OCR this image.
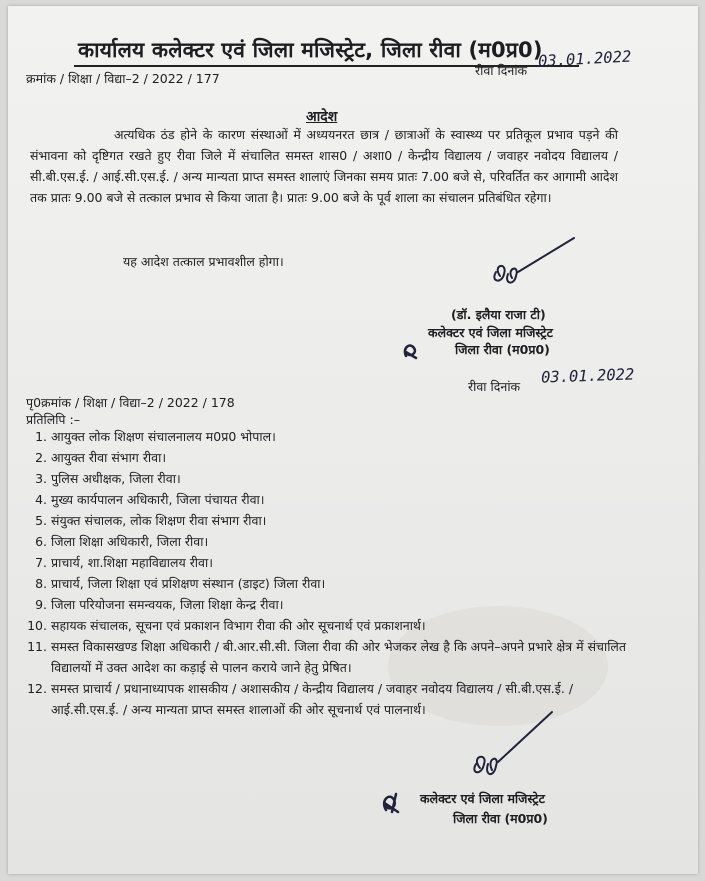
कार्यालय कलेक्टर एवं जिला मजिस्ट्रेट, जिला रीवा (म0प्र0)
क्रमांक / शिक्षा / विद्या–2 / 2022 / 177
रीवा दिनांक
03.01.2022
आदेश
अत्यधिक ठंड होने के कारण संस्थाओं में अध्ययनरत छात्र / छात्राओं के स्वास्थ्य पर प्रतिकूल प्रभाव पड़ने की संभावना को दृष्टिगत रखते हुए रीवा जिले में संचालित समस्त शास0 / अशा0 / केन्द्रीय विद्यालय / जवाहर नवोदय विद्यालय / सी.बी.एस.ई. / आई.सी.एस.ई. / अन्य मान्यता प्राप्त समस्त शालाएं जिनका समय प्रातः 7.00 बजे से, परिवर्तित कर आगामी आदेश तक प्रातः 9.00 बजे से तत्काल प्रभाव से किया जाता है। प्रातः 9.00 बजे के पूर्व शाला का संचालन प्रतिबंधित रहेगा।
यह आदेश तत्काल प्रभावशील होगा।
(डॉ. इलैया राजा टी)
कलेक्टर एवं जिला मजिस्ट्रेट
जिला रीवा (म0प्र0)
रीवा दिनांक 03.01.2022
पृ0क्रमांक / शिक्षा / विद्या–2 / 2022 / 178
प्रतिलिपि :–
1. आयुक्त लोक शिक्षण संचालनालय म0प्र0 भोपाल।
2. आयुक्त रीवा संभाग रीवा।
3. पुलिस अधीक्षक, जिला रीवा।
4. मुख्य कार्यपालन अधिकारी, जिला पंचायत रीवा।
5. संयुक्त संचालक, लोक शिक्षण रीवा संभाग रीवा।
6. जिला शिक्षा अधिकारी, जिला रीवा।
7. प्राचार्य, शा.शिक्षा महाविद्यालय रीवा।
8. प्राचार्य, जिला शिक्षा एवं प्रशिक्षण संस्थान (डाइट) जिला रीवा।
9. जिला परियोजना समन्वयक, जिला शिक्षा केन्द्र रीवा।
10. सहायक संचालक, सूचना एवं प्रकाशन विभाग रीवा की ओर सूचनार्थ एवं प्रकाशनार्थ।
11. समस्त विकासखण्ड शिक्षा अधिकारी / बी.आर.सी.सी. जिला रीवा की ओर भेजकर लेख है कि अपने–अपने प्रभारे क्षेत्र में संचालित विद्यालयों में उक्त आदेश का कड़ाई से पालन कराये जाने हेतु प्रेषित।
12. समस्त प्राचार्य / प्रधानाध्यापक शासकीय / अशासकीय / केन्द्रीय विद्यालय / जवाहर नवोदय विद्यालय / सी.बी.एस.ई. / आई.सी.एस.ई. / अन्य मान्यता प्राप्त समस्त शालाओं की ओर सूचनार्थ एवं पालनार्थ।
कलेक्टर एवं जिला मजिस्ट्रेट
जिला रीवा (म0प्र0)
